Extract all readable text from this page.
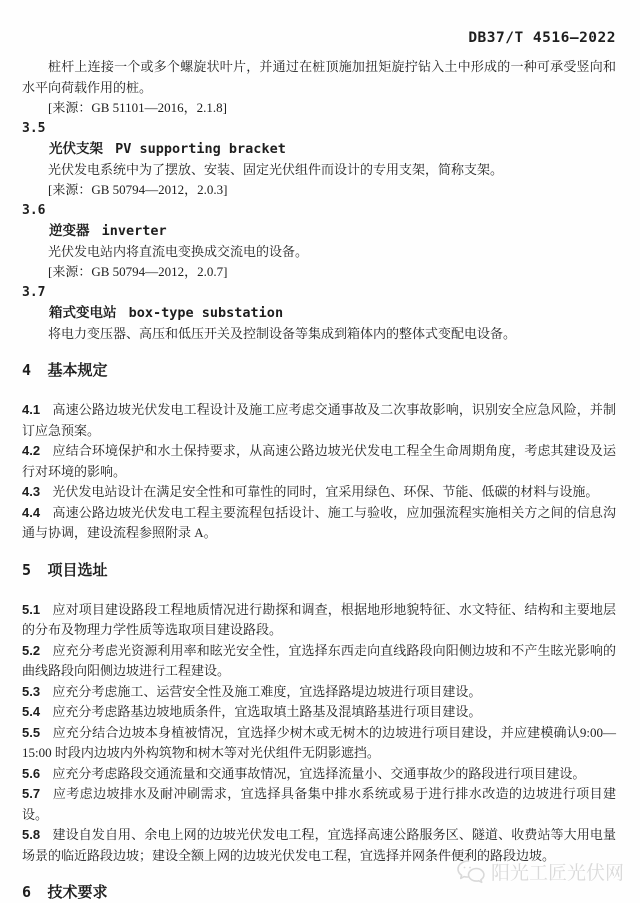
DB37/T 4516—2022

桩杆上连接一个或多个螺旋状叶片，并通过在桩顶施加扭矩旋拧钻入土中形成的一种可承受竖向和水平向荷载作用的桩。

[来源：GB 51101—2016，2.1.8]

3.5

光伏支架 PV supporting bracket

光伏发电系统中为了摆放、安装、固定光伏组件而设计的专用支架，简称支架。

[来源：GB 50794—2012，2.0.3]

3.6

逆变器 inverter

光伏发电站内将直流电变换成交流电的设备。

[来源：GB 50794—2012，2.0.7]

3.7

箱式变电站 box-type substation

将电力变压器、高压和低压开关及控制设备等集成到箱体内的整体式变配电设备。

4 基本规定

4.1 高速公路边坡光伏发电工程设计及施工应考虑交通事故及二次事故影响，识别安全应急风险，并制订应急预案。

4.2 应结合环境保护和水土保持要求，从高速公路边坡光伏发电工程全生命周期角度，考虑其建设及运行对环境的影响。

4.3 光伏发电站设计在满足安全性和可靠性的同时，宜采用绿色、环保、节能、低碳的材料与设施。

4.4 高速公路边坡光伏发电工程主要流程包括设计、施工与验收，应加强流程实施相关方之间的信息沟通与协调，建设流程参照附录 A。

5 项目选址

5.1 应对项目建设路段工程地质情况进行勘探和调查，根据地形地貌特征、水文特征、结构和主要地层的分布及物理力学性质等选取项目建设路段。

5.2 应充分考虑光资源利用率和眩光安全性，宜选择东西走向直线路段向阳侧边坡和不产生眩光影响的曲线路段向阳侧边坡进行工程建设。

5.3 应充分考虑施工、运营安全性及施工难度，宜选择路堤边坡进行项目建设。

5.4 应充分考虑路基边坡地质条件，宜选取填土路基及混填路基进行项目建设。

5.5 应充分结合边坡本身植被情况，宜选择少树木或无树木的边坡进行项目建设，并应建模确认9:00—15:00 时段内边坡内外构筑物和树木等对光伏组件无阴影遮挡。

5.6 应充分考虑路段交通流量和交通事故情况，宜选择流量小、交通事故少的路段进行项目建设。

5.7 应考虑边坡排水及耐冲刷需求，宜选择具备集中排水系统或易于进行排水改造的边坡进行项目建设。

5.8 建设自发自用、余电上网的边坡光伏发电工程，宜选择高速公路服务区、隧道、收费站等大用电量场景的临近路段边坡；建设全额上网的边坡光伏发电工程，宜选择并网条件便利的路段边坡。

6 技术要求
阳光工匠光伏网
